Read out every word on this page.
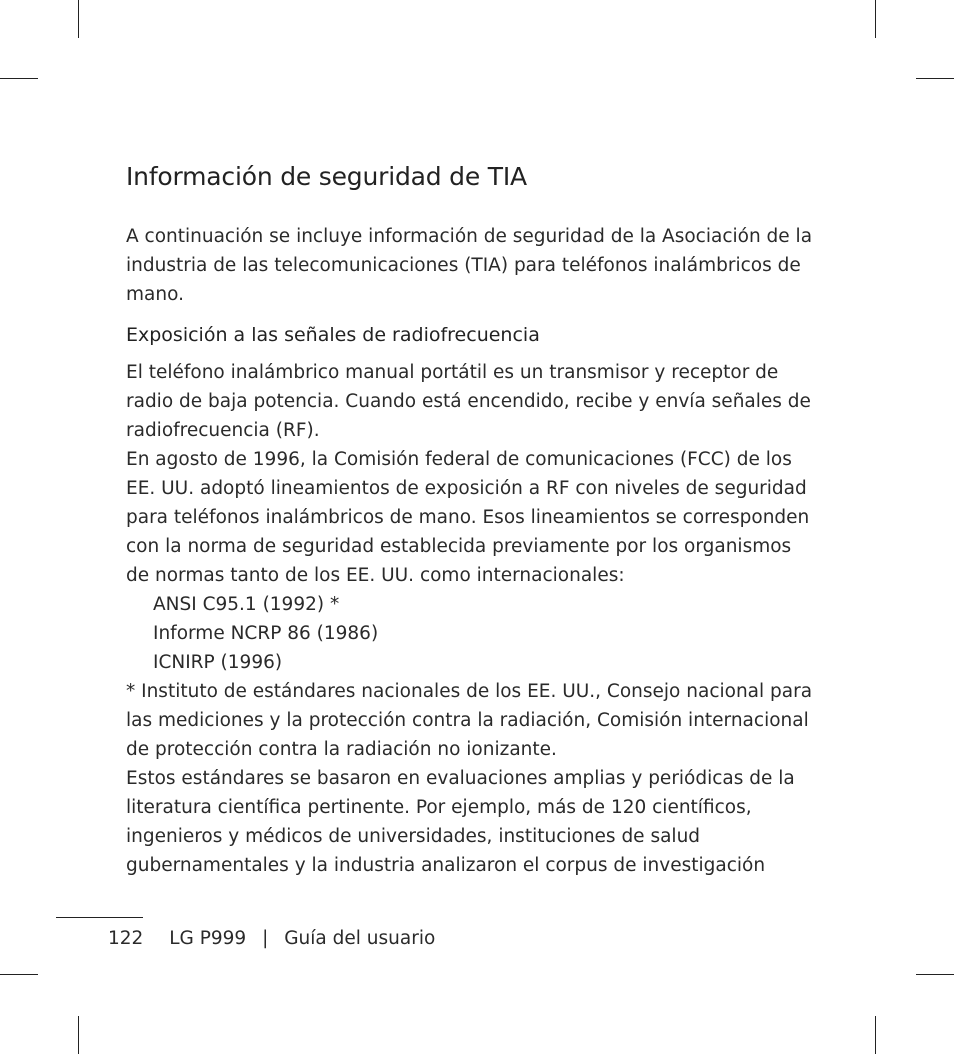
Información de seguridad de TIA

A continuación se incluye información de seguridad de la Asociación de la industria de las telecomunicaciones (TIA) para teléfonos inalámbricos de mano.

Exposición a las señales de radiofrecuencia

El teléfono inalámbrico manual portátil es un transmisor y receptor de radio de baja potencia. Cuando está encendido, recibe y envía señales de radiofrecuencia (RF).

En agosto de 1996, la Comisión federal de comunicaciones (FCC) de los EE. UU. adoptó lineamientos de exposición a RF con niveles de seguridad para teléfonos inalámbricos de mano. Esos lineamientos se corresponden con la norma de seguridad establecida previamente por los organismos de normas tanto de los EE. UU. como internacionales:

ANSI C95.1 (1992) *

Informe NCRP 86 (1986)

ICNIRP (1996)

* Instituto de estándares nacionales de los EE. UU., Consejo nacional para las mediciones y la protección contra la radiación, Comisión internacional de protección contra la radiación no ionizante.

Estos estándares se basaron en evaluaciones amplias y periódicas de la literatura científica pertinente. Por ejemplo, más de 120 científicos, ingenieros y médicos de universidades, instituciones de salud gubernamentales y la industria analizaron el corpus de investigación

122 LG P999 | Guía del usuario
